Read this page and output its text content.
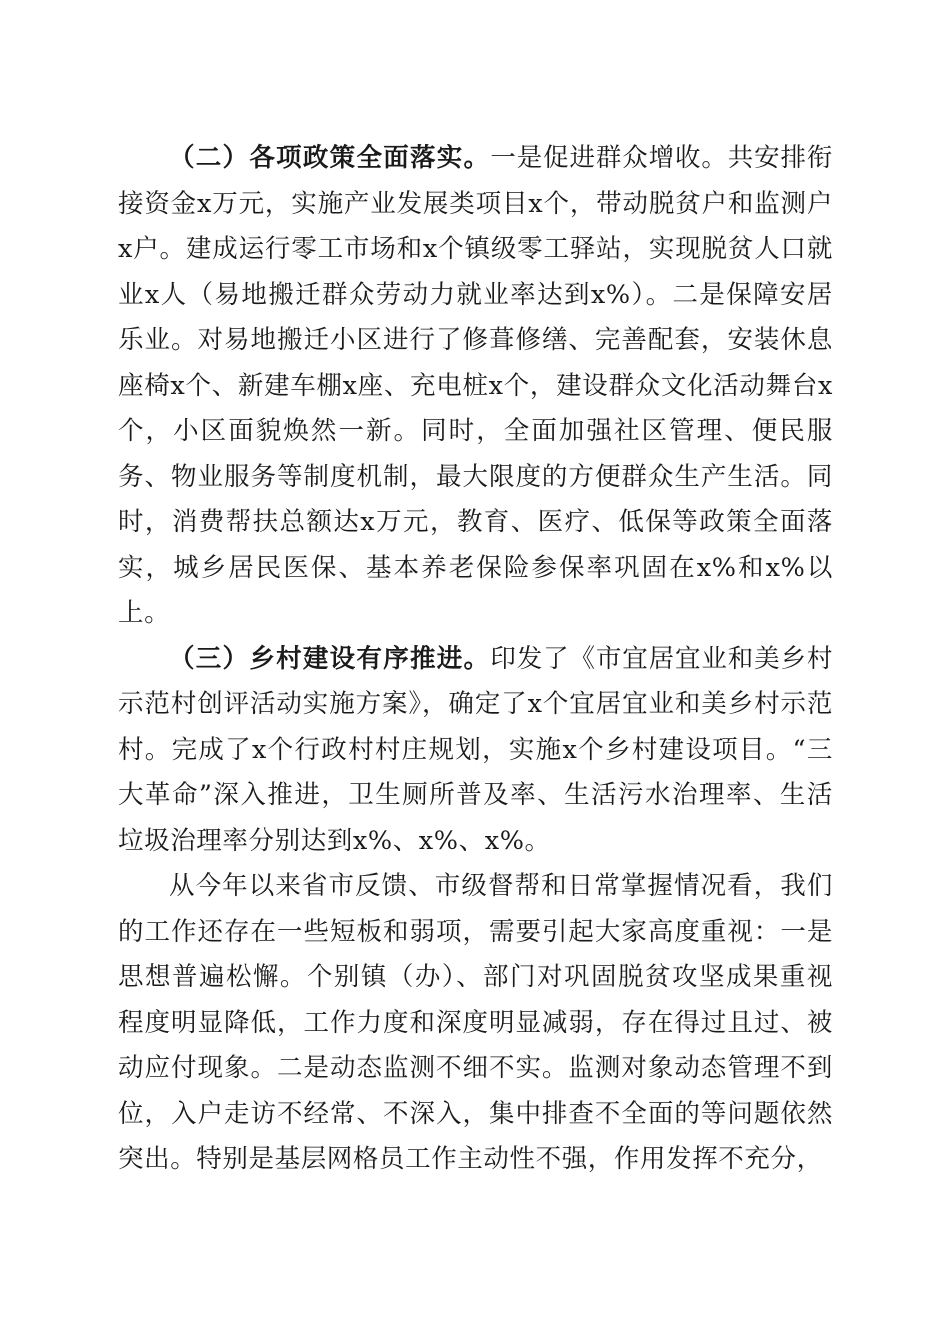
（二）各项政策全面落实。一是促进群众增收。共安排衔接资金x万元，实施产业发展类项目x个，带动脱贫户和监测户x户。建成运行零工市场和x个镇级零工驿站，实现脱贫人口就业x人（易地搬迁群众劳动力就业率达到x%）。二是保障安居乐业。对易地搬迁小区进行了修葺修缮、完善配套，安装休息座椅x个、新建车棚x座、充电桩x个，建设群众文化活动舞台x个，小区面貌焕然一新。同时，全面加强社区管理、便民服务、物业服务等制度机制，最大限度的方便群众生产生活。同时，消费帮扶总额达x万元，教育、医疗、低保等政策全面落实，城乡居民医保、基本养老保险参保率巩固在x%和x%以上。

（三）乡村建设有序推进。印发了《市宜居宜业和美乡村示范村创评活动实施方案》，确定了x个宜居宜业和美乡村示范村。完成了x个行政村村庄规划，实施x个乡村建设项目。“三大革命”深入推进，卫生厕所普及率、生活污水治理率、生活垃圾治理率分别达到x%、x%、x%。

从今年以来省市反馈、市级督帮和日常掌握情况看，我们的工作还存在一些短板和弱项，需要引起大家高度重视：一是思想普遍松懈。个别镇（办）、部门对巩固脱贫攻坚成果重视程度明显降低，工作力度和深度明显减弱，存在得过且过、被动应付现象。二是动态监测不细不实。监测对象动态管理不到位，入户走访不经常、不深入，集中排查不全面的等问题依然突出。特别是基层网格员工作主动性不强，作用发挥不充分，
